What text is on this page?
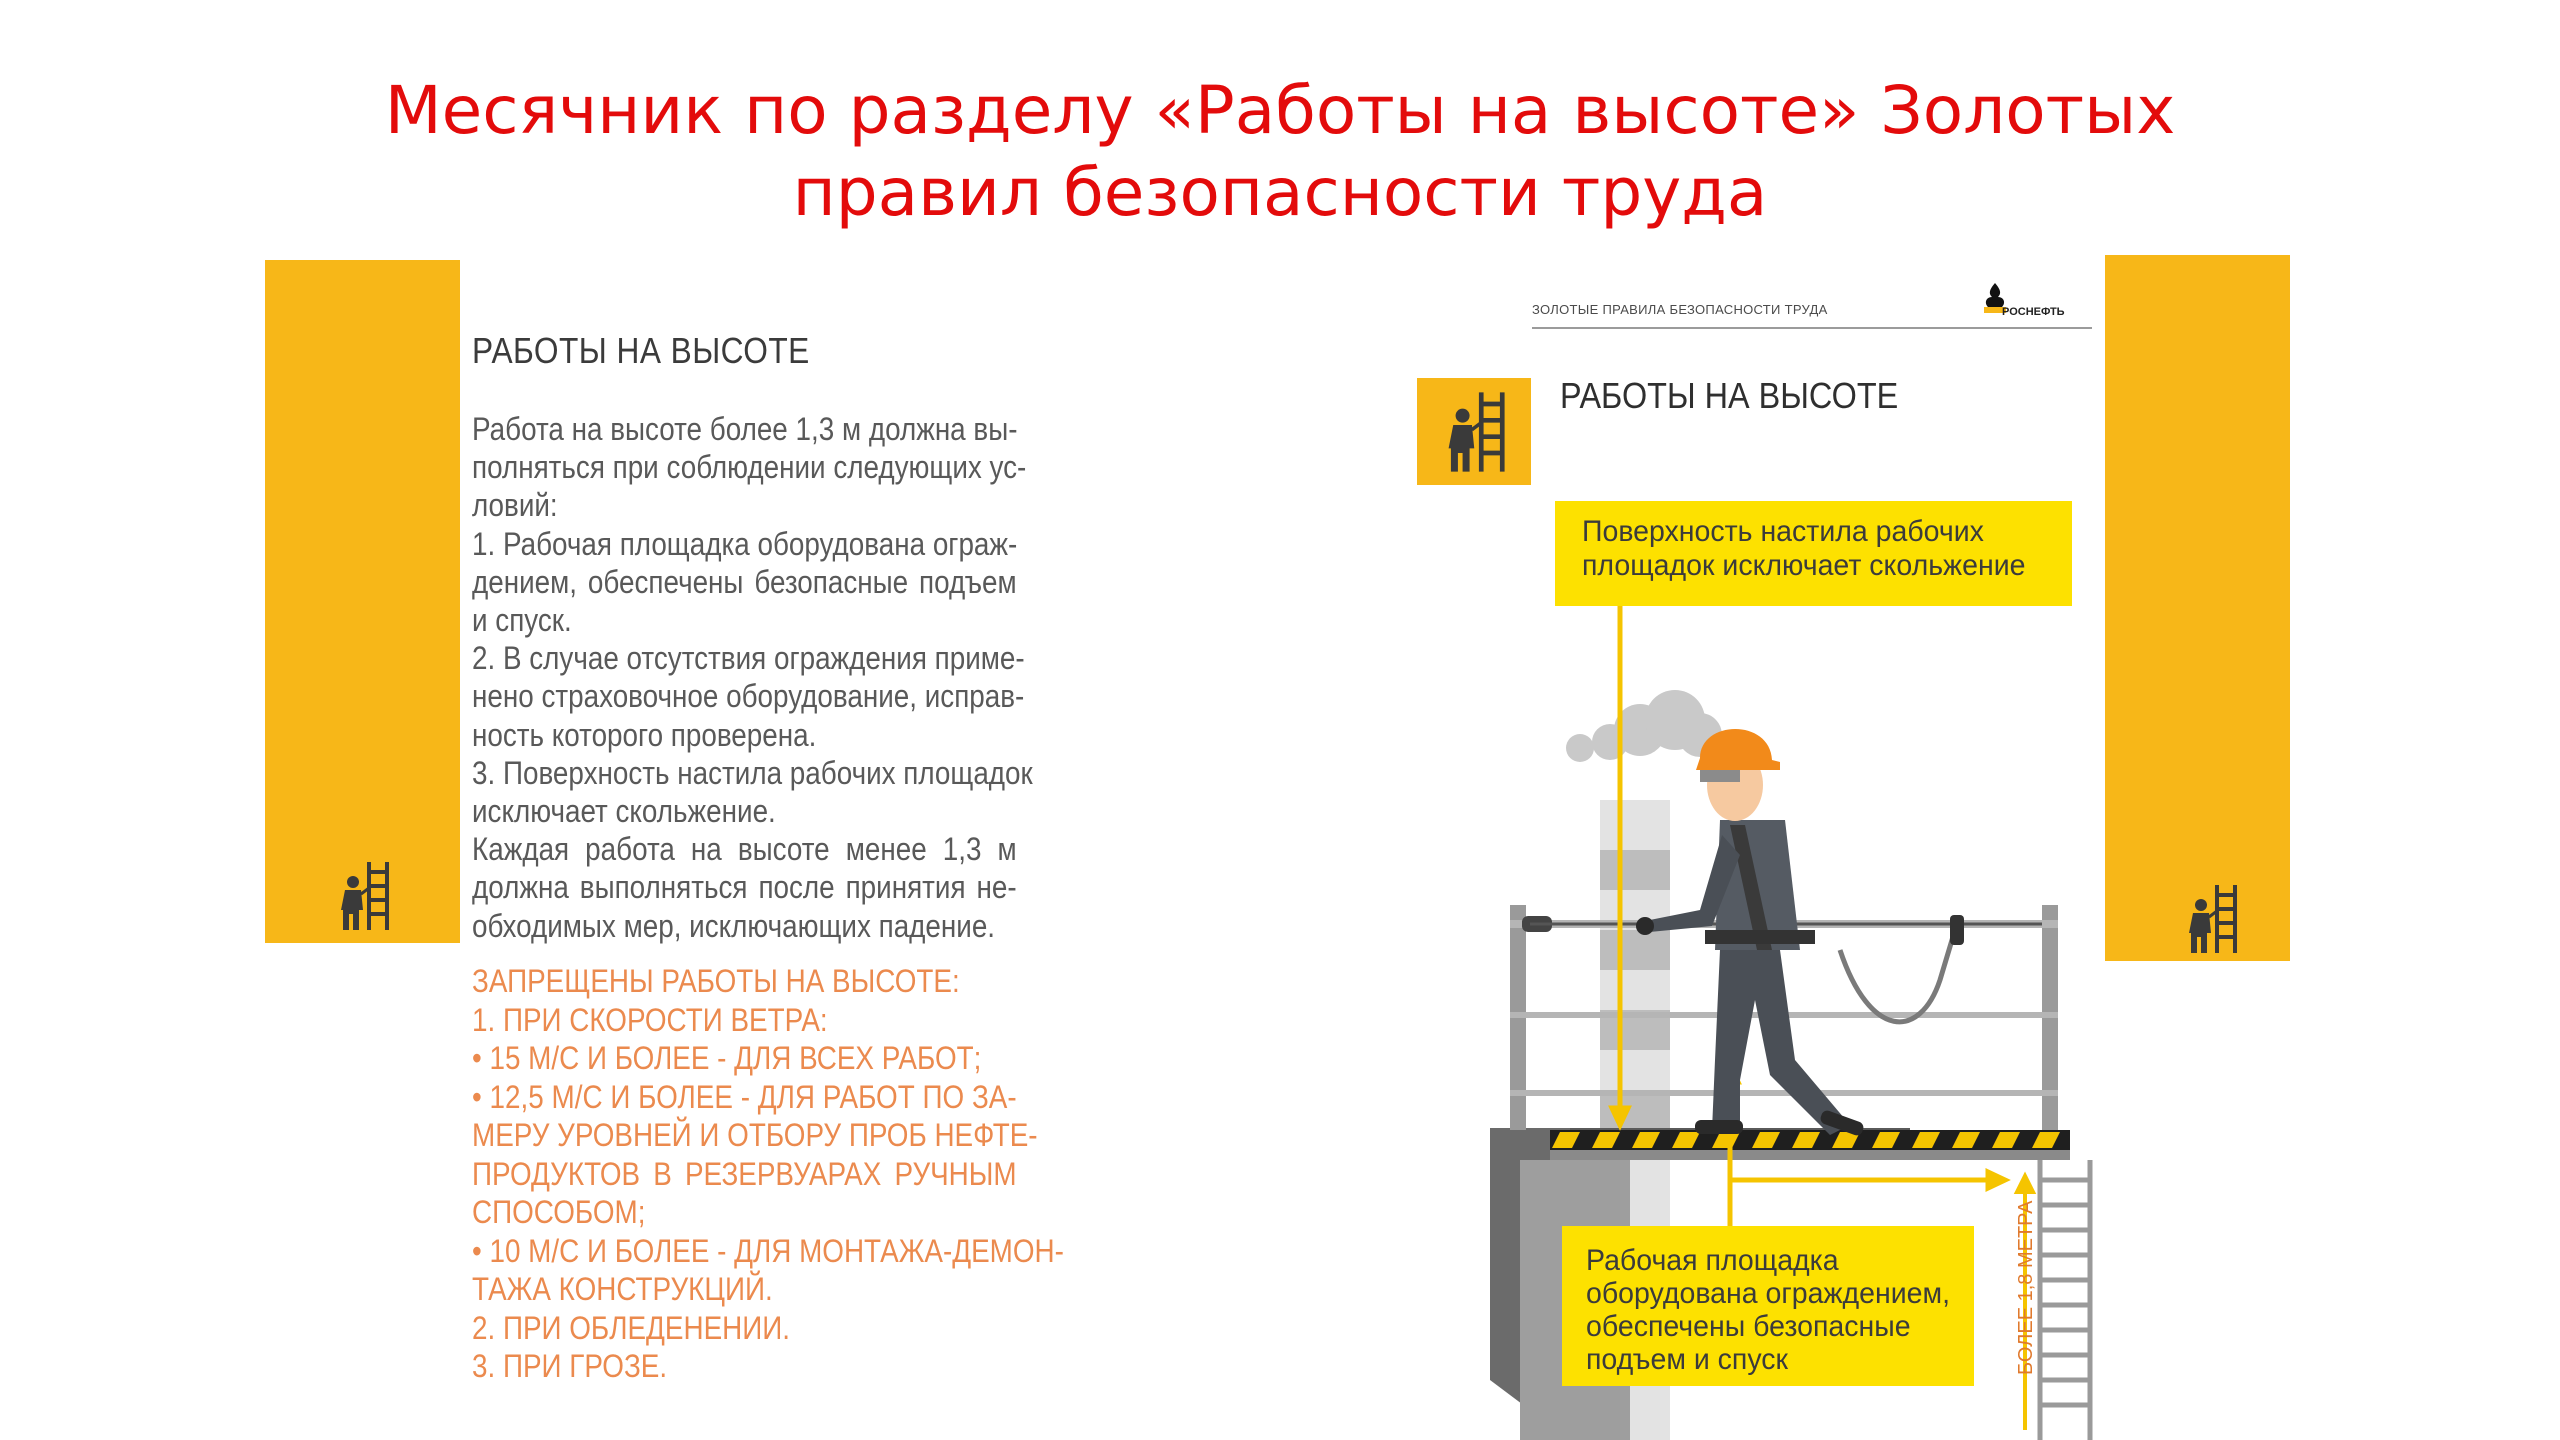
Месячник по разделу «Работы на высоте» Золотых
правил безопасности труда
РАБОТЫ НА ВЫСОТЕ
Работа на высоте более 1,3 м должна вы-
полняться при соблюдении следующих ус-
ловий:
1. Рабочая площадка оборудована ограж-
дением, обеспечены безопасные подъем
и спуск.
2. В случае отсутствия ограждения приме-
нено страховочное оборудование, исправ-
ность которого проверена.
3. Поверхность настила рабочих площадок
исключает скольжение.
Каждая работа на высоте менее 1,3 м
должна выполняться после принятия не-
обходимых мер, исключающих падение.
ЗАПРЕЩЕНЫ РАБОТЫ НА ВЫСОТЕ:
1. ПРИ СКОРОСТИ ВЕТРА:
• 15 М/С И БОЛЕЕ - ДЛЯ ВСЕХ РАБОТ;
• 12,5 М/С И БОЛЕЕ - ДЛЯ РАБОТ ПО ЗА-
МЕРУ УРОВНЕЙ И ОТБОРУ ПРОБ НЕФТЕ-
ПРОДУКТОВ В РЕЗЕРВУАРАХ РУЧНЫМ
СПОСОБОМ;
• 10 М/С И БОЛЕЕ - ДЛЯ МОНТАЖА-ДЕМОН-
ТАЖА КОНСТРУКЦИЙ.
2. ПРИ ОБЛЕДЕНЕНИИ.
3. ПРИ ГРОЗЕ.
ЗОЛОТЫЕ ПРАВИЛА БЕЗОПАСНОСТИ ТРУДА	РОСНЕФТЬ
РАБОТЫ НА ВЫСОТЕ
Поверхность настила рабочих
площадок исключает скольжение
Рабочая площадка
оборудована ограждением,
обеспечены безопасные
подъем и спуск	БОЛЕЕ 1,8 МЕТРА
